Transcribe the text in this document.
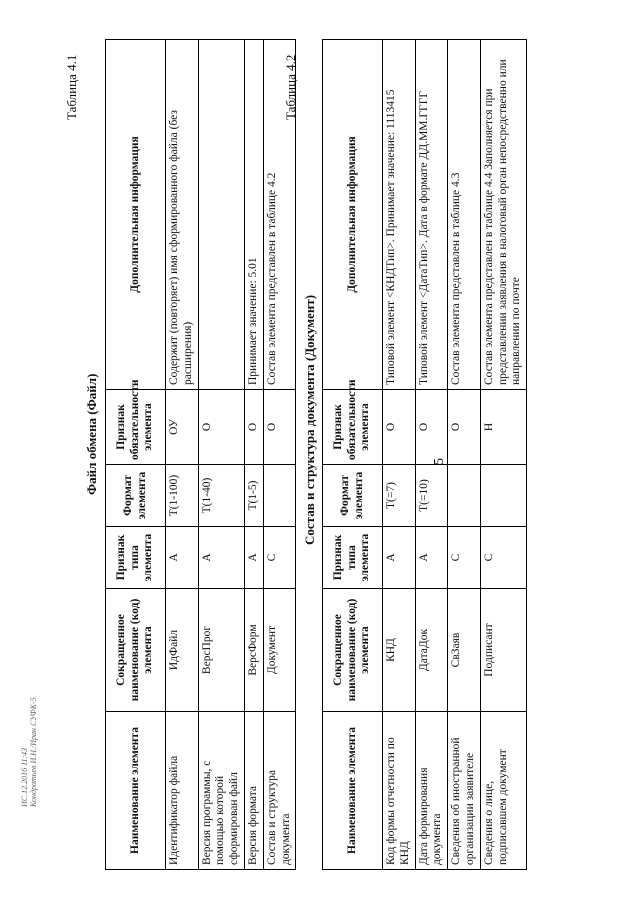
5
Таблица 4.1
Файл обмена (Файл)
Наименование элемента	Сокращенное наименование (код) элемента	Признак типа элемента	Формат элемента	Признак обязательности элемента	Дополнительная информация
Идентификатор файла	ИдФайл	А	T(1-100)	ОУ	Содержит (повторяет) имя сформированного файла (без расширения)
Версия программы, с помощью которой сформирован файл	ВерсПрог	А	T(1-40)	О	
Версия формата	ВерсФорм	А	T(1-5)	О	Принимает значение: 5.01
Состав и структура документа	Документ	С		О	Состав элемента представлен в таблице 4.2
Таблица 4.2
Состав и структура документа (Документ)
Наименование элемента	Сокращенное наименование (код) элемента	Признак типа элемента	Формат элемента	Признак обязательности элемента	Дополнительная информация
Код формы отчетности по КНД	КНД	А	T(=7)	О	Типовой элемент <КНДТип>. Принимает значение: 1113415
Дата формирования документа	ДатаДок	А	T(=10)	О	Типовой элемент <ДатаТип>. Дата в формате ДД.ММ.ГГГГ
Сведения об иностранной организации заявителе	СвЗаяв	С		О	Состав элемента представлен в таблице 4.3
Сведения о лице, подписавшем документ	Подписант	С		Н	Состав элемента представлен в таблице 4.4 Заполняется при представлении заявления в налоговый орган непосредственно или направлении по почте
ИС.12.2016 11:43 Кондратьев И.Н./Иран СУФК-5
